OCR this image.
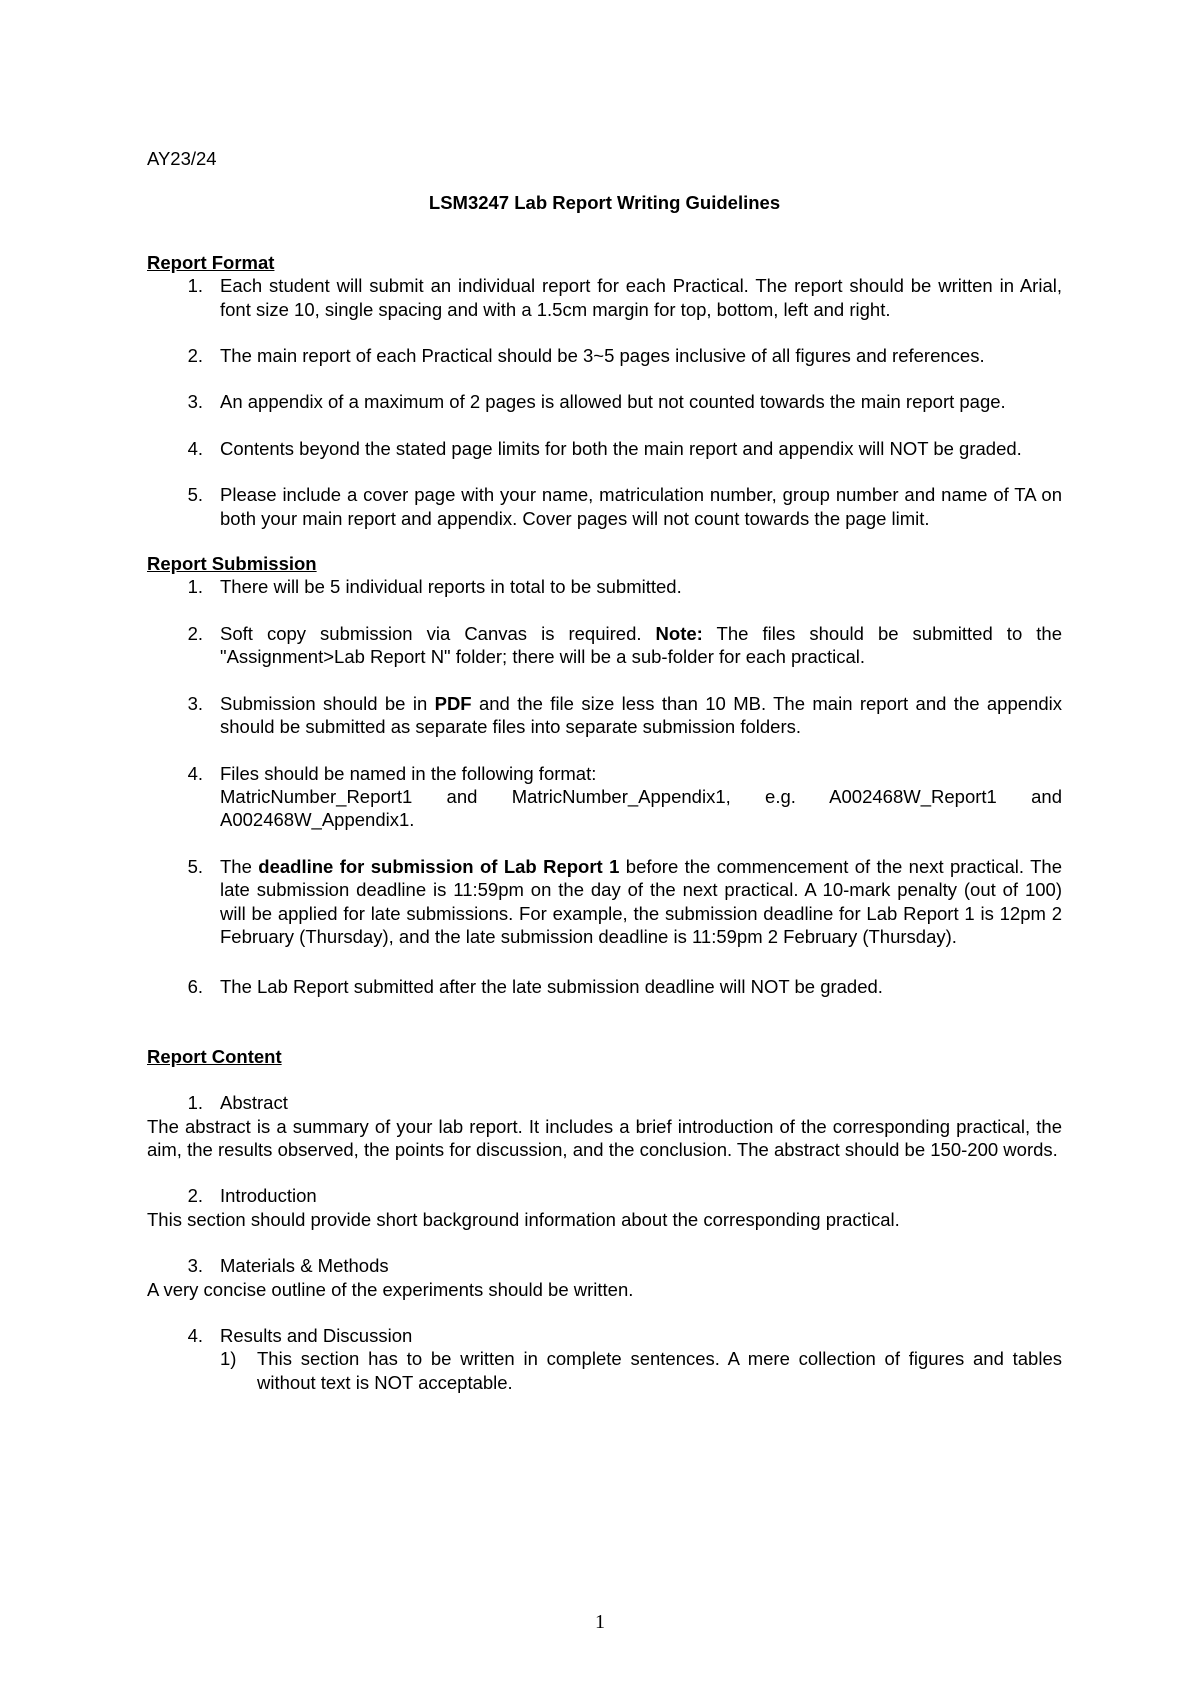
AY23/24

LSM3247 Lab Report Writing Guidelines

Report Format

1. Each student will submit an individual report for each Practical. The report should be written in Arial, font size 10, single spacing and with a 1.5cm margin for top, bottom, left and right.
2. The main report of each Practical should be 3~5 pages inclusive of all figures and references.
3. An appendix of a maximum of 2 pages is allowed but not counted towards the main report page.
4. Contents beyond the stated page limits for both the main report and appendix will NOT be graded.
5. Please include a cover page with your name, matriculation number, group number and name of TA on both your main report and appendix. Cover pages will not count towards the page limit.

Report Submission

1. There will be 5 individual reports in total to be submitted.
2. Soft copy submission via Canvas is required. Note: The files should be submitted to the "Assignment>Lab Report N" folder; there will be a sub-folder for each practical.
3. Submission should be in PDF and the file size less than 10 MB. The main report and the appendix should be submitted as separate files into separate submission folders.
4. Files should be named in the following format:
MatricNumber_Report1 and MatricNumber_Appendix1, e.g. A002468W_Report1 and A002468W_Appendix1.
5. The deadline for submission of Lab Report 1 before the commencement of the next practical. The late submission deadline is 11:59pm on the day of the next practical. A 10-mark penalty (out of 100) will be applied for late submissions. For example, the submission deadline for Lab Report 1 is 12pm 2 February (Thursday), and the late submission deadline is 11:59pm 2 February (Thursday).
6. The Lab Report submitted after the late submission deadline will NOT be graded.

Report Content

1. Abstract

The abstract is a summary of your lab report. It includes a brief introduction of the corresponding practical, the aim, the results observed, the points for discussion, and the conclusion. The abstract should be 150-200 words.

2. Introduction

This section should provide short background information about the corresponding practical.

3. Materials & Methods

A very concise outline of the experiments should be written.

4. Results and Discussion
1)	This section has to be written in complete sentences. A mere collection of figures and tables without text is NOT acceptable.
1
